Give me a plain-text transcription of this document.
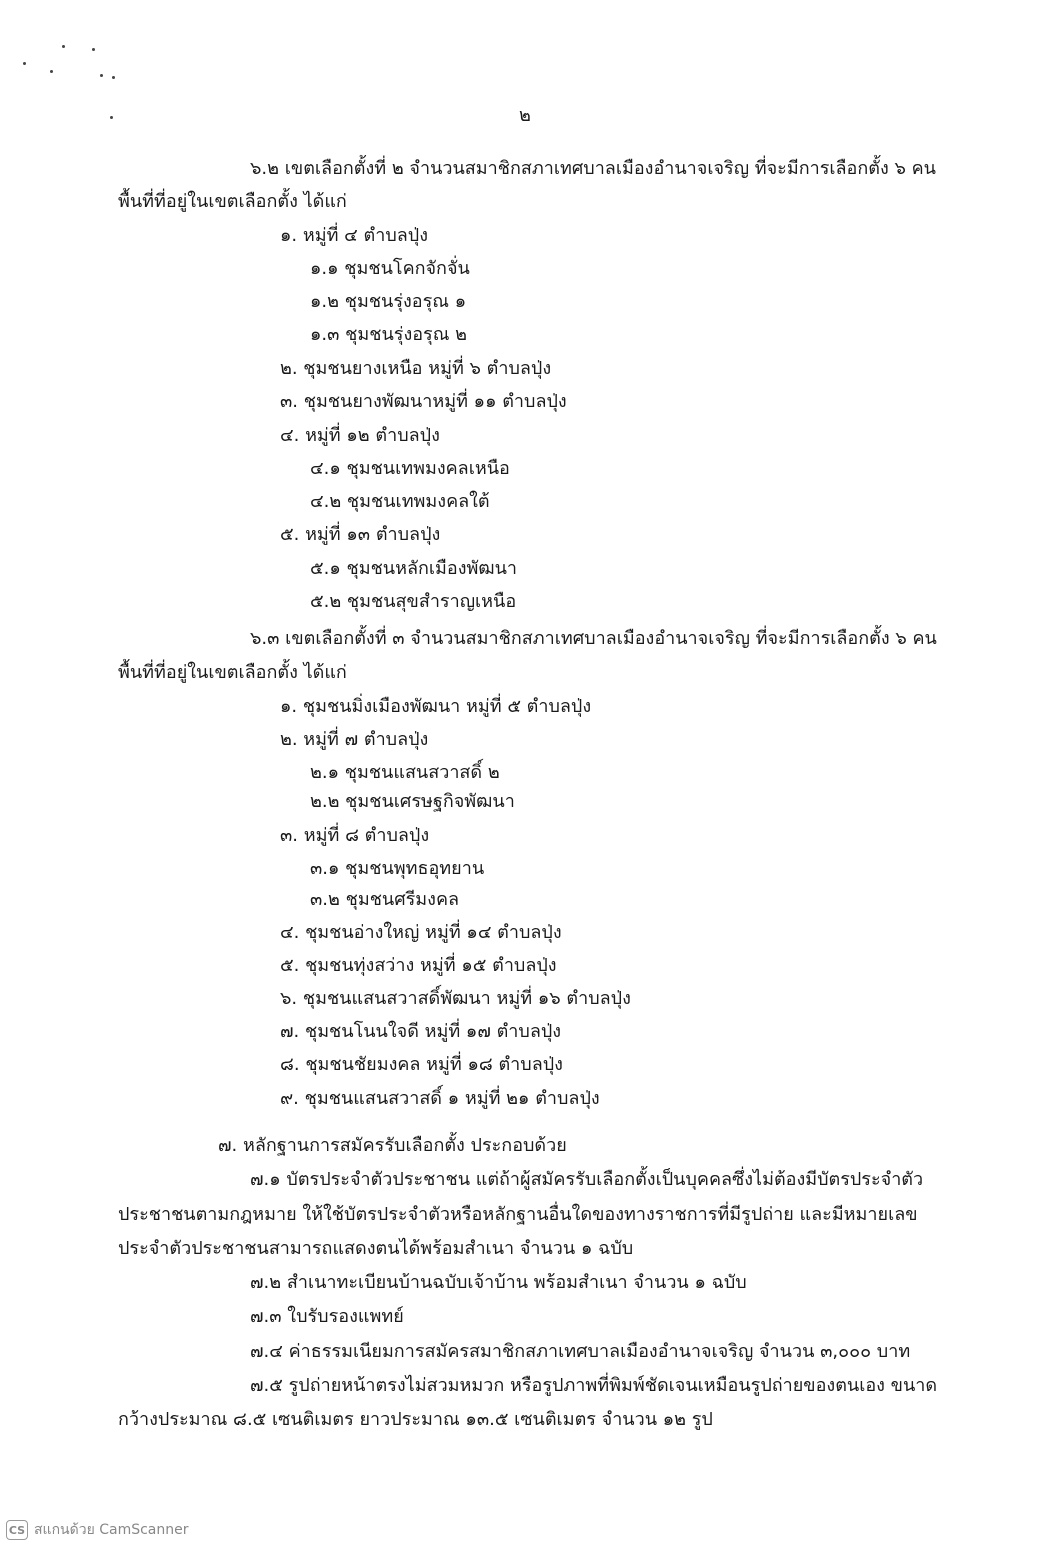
๒
๖.๒ เขตเลือกตั้งที่ ๒ จำนวนสมาชิกสภาเทศบาลเมืองอำนาจเจริญ ที่จะมีการเลือกตั้ง ๖ คน
พื้นที่ที่อยู่ในเขตเลือกตั้ง ได้แก่
๑. หมู่ที่ ๔ ตำบลปุ่ง
๑.๑ ชุมชนโคกจักจั่น
๑.๒ ชุมชนรุ่งอรุณ ๑
๑.๓ ชุมชนรุ่งอรุณ ๒
๒. ชุมชนยางเหนือ หมู่ที่ ๖ ตำบลปุ่ง
๓. ชุมชนยางพัฒนาหมู่ที่ ๑๑ ตำบลปุ่ง
๔. หมู่ที่ ๑๒ ตำบลปุ่ง
๔.๑ ชุมชนเทพมงคลเหนือ
๔.๒ ชุมชนเทพมงคลใต้
๕. หมู่ที่ ๑๓ ตำบลปุ่ง
๕.๑ ชุมชนหลักเมืองพัฒนา
๕.๒ ชุมชนสุขสำราญเหนือ
๖.๓ เขตเลือกตั้งที่ ๓ จำนวนสมาชิกสภาเทศบาลเมืองอำนาจเจริญ ที่จะมีการเลือกตั้ง ๖ คน
พื้นที่ที่อยู่ในเขตเลือกตั้ง ได้แก่
๑. ชุมชนมิ่งเมืองพัฒนา หมู่ที่ ๕ ตำบลปุ่ง
๒. หมู่ที่ ๗ ตำบลปุ่ง
๒.๑ ชุมชนแสนสวาสดิ์ ๒
๒.๒ ชุมชนเศรษฐกิจพัฒนา
๓. หมู่ที่ ๘ ตำบลปุ่ง
๓.๑ ชุมชนพุทธอุทยาน
๓.๒ ชุมชนศรีมงคล
๔. ชุมชนอ่างใหญ่ หมู่ที่ ๑๔ ตำบลปุ่ง
๕. ชุมชนทุ่งสว่าง หมู่ที่ ๑๕ ตำบลปุ่ง
๖. ชุมชนแสนสวาสดิ์พัฒนา หมู่ที่ ๑๖ ตำบลปุ่ง
๗. ชุมชนโนนใจดี หมู่ที่ ๑๗ ตำบลปุ่ง
๘. ชุมชนชัยมงคล หมู่ที่ ๑๘ ตำบลปุ่ง
๙. ชุมชนแสนสวาสดิ์ ๑ หมู่ที่ ๒๑ ตำบลปุ่ง
๗. หลักฐานการสมัครรับเลือกตั้ง ประกอบด้วย
๗.๑ บัตรประจำตัวประชาชน แต่ถ้าผู้สมัครรับเลือกตั้งเป็นบุคคลซึ่งไม่ต้องมีบัตรประจำตัว
ประชาชนตามกฎหมาย ให้ใช้บัตรประจำตัวหรือหลักฐานอื่นใดของทางราชการที่มีรูปถ่าย และมีหมายเลข
ประจำตัวประชาชนสามารถแสดงตนได้พร้อมสำเนา จำนวน ๑ ฉบับ
๗.๒ สำเนาทะเบียนบ้านฉบับเจ้าบ้าน พร้อมสำเนา จำนวน ๑ ฉบับ
๗.๓ ใบรับรองแพทย์
๗.๔ ค่าธรรมเนียมการสมัครสมาชิกสภาเทศบาลเมืองอำนาจเจริญ จำนวน ๓,๐๐๐ บาท
๗.๕ รูปถ่ายหน้าตรงไม่สวมหมวก หรือรูปภาพที่พิมพ์ชัดเจนเหมือนรูปถ่ายของตนเอง ขนาด
กว้างประมาณ ๘.๕ เซนติเมตร ยาวประมาณ ๑๓.๕ เซนติเมตร จำนวน ๑๒ รูป
CS สแกนด้วย CamScanner
